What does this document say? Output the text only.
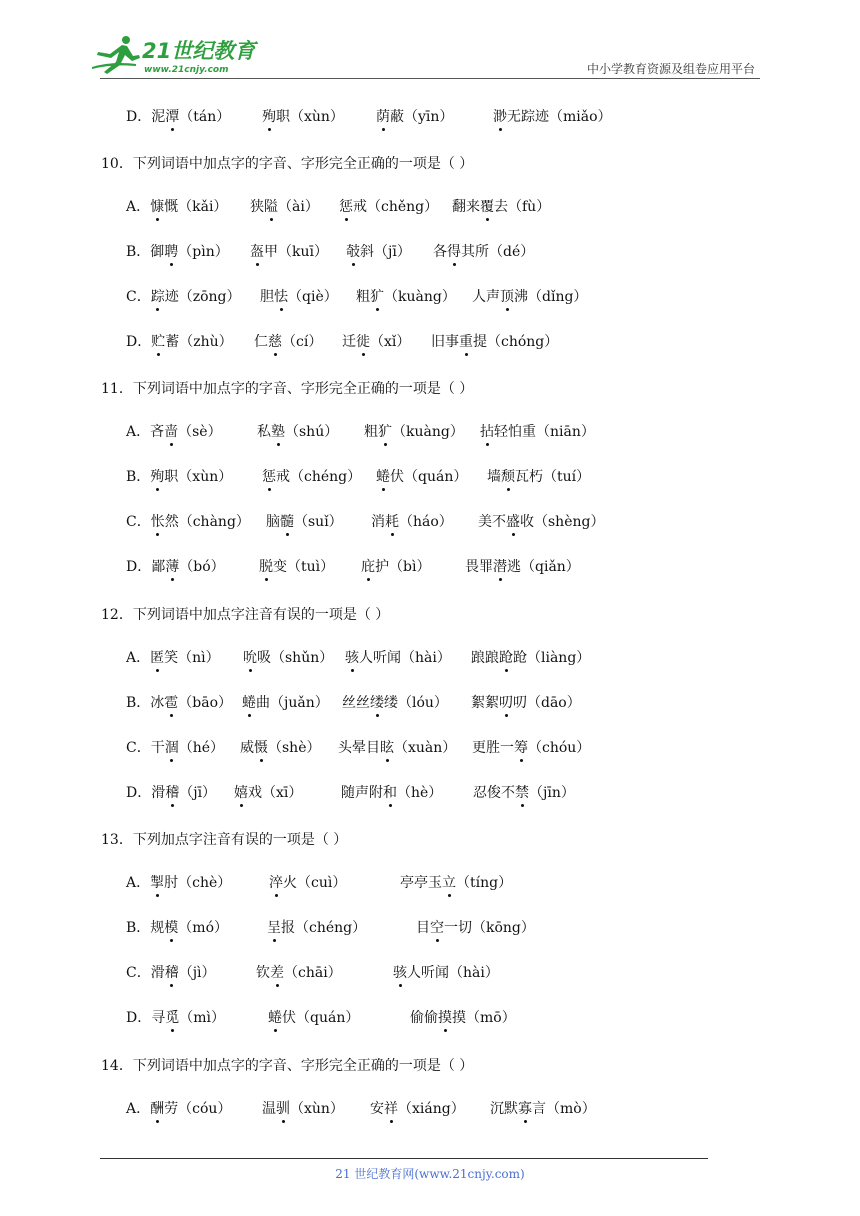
21世纪教育
www.21cnjy.com	中小学教育资源及组卷应用平台
D．泥潭（tán） 殉职（xùn） 荫蔽（yīn）	渺无踪迹（miǎo）
10．下列词语中加点字的字音、字形完全正确的一项是（ ）
A．慷慨（kǎi） 狭隘（ài） 惩戒（chěng） 翻来覆去（fù）
B．御聘（pìn） 盔甲（kuī） 攲斜（jī） 各得其所（dé）
C．踪迹（zōng） 胆怯（qiè） 粗犷（kuàng） 人声顶沸（dǐng）
D．贮蓄（zhù） 仁慈（cí） 迁徙（xǐ） 旧事重提（chóng）
11．下列词语中加点字的字音、字形完全正确的一项是（ ）
A．吝啬（sè）	私塾（shú） 粗犷（kuàng） 拈轻怕重（niān）
B．殉职（xùn） 惩戒（chéng） 蜷伏（quán） 墙颓瓦朽（tuí）
C．怅然（chàng） 脑髓（suǐ） 消耗（háo） 美不盛收（shèng）
D．鄙薄（bó） 脱变（tuì） 庇护（bì） 畏罪潜逃（qiǎn）
12．下列词语中加点字注音有误的一项是（ ）
A．匿笑（nì） 吮吸（shǔn） 骇人听闻（hài） 踉踉跄跄（liàng）
B．冰雹（bāo） 蜷曲（juǎn） 丝丝缕缕（lóu） 絮絮叨叨（dāo）
C．干涸（hé） 威慑（shè） 头晕目眩（xuàn） 更胜一筹（chóu）
D．滑稽（jī） 嬉戏（xī）	随声附和（hè） 忍俊不禁（jīn）
13．下列加点字注音有误的一项是（ ）
A．掣肘（chè）	淬火（cuì）	亭亭玉立（tíng）
B．规模（mó）	呈报（chéng）	目空一切（kōng）
C．滑稽（jì）	钦差（chāi）	骇人听闻（hài）
D．寻觅（mì）	蜷伏（quán）	偷偷摸摸（mō）
14．下列词语中加点字的字音、字形完全正确的一项是（ ）
A．酬劳（cóu） 温驯（xùn） 安祥（xiáng） 沉默寡言（mò）
21 世纪教育网(www.21cnjy.com)
